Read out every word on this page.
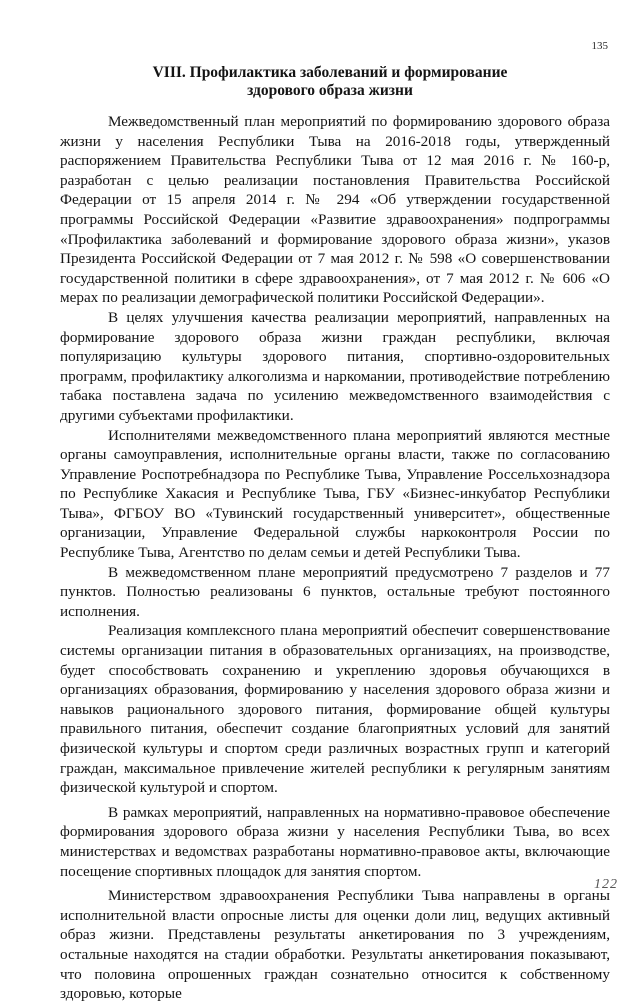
135
VIII. Профилактика заболеваний и формирование
здорового образа жизни

Межведомственный план мероприятий по формированию здорового образа жизни у населения Республики Тыва на 2016-2018 годы, утвержденный распоряжением Правительства Республики Тыва от 12 мая 2016 г. № 160-р, разработан с целью реализации постановления Правительства Российской Федерации от 15 апреля 2014 г. № 294 «Об утверждении государственной программы Российской Федерации «Развитие здравоохранения» подпрограммы «Профилактика заболеваний и формирование здорового образа жизни», указов Президента Российской Федерации от 7 мая 2012 г. № 598 «О совершенствовании государственной политики в сфере здравоохранения», от 7 мая 2012 г. № 606 «О мерах по реализации демографической политики Российской Федерации».

В целях улучшения качества реализации мероприятий, направленных на формирование здорового образа жизни граждан республики, включая популяризацию культуры здорового питания, спортивно-оздоровительных программ, профилактику алкоголизма и наркомании, противодействие потреблению табака поставлена задача по усилению межведомственного взаимодействия с другими субъектами профилактики.

Исполнителями межведомственного плана мероприятий являются местные органы самоуправления, исполнительные органы власти, также по согласованию Управление Роспотребнадзора по Республике Тыва, Управление Россельхознадзора по Республике Хакасия и Республике Тыва, ГБУ «Бизнес-инкубатор Республики Тыва», ФГБОУ ВО «Тувинский государственный университет», общественные организации, Управление Федеральной службы наркоконтроля России по Республике Тыва, Агентство по делам семьи и детей Республики Тыва.

В межведомственном плане мероприятий предусмотрено 7 разделов и 77 пунктов. Полностью реализованы 6 пунктов, остальные требуют постоянного исполнения.

Реализация комплексного плана мероприятий обеспечит совершенствование системы организации питания в образовательных организациях, на производстве, будет способствовать сохранению и укреплению здоровья обучающихся в организациях образования, формированию у населения здорового образа жизни и навыков рационального здорового питания, формирование общей культуры правильного питания, обеспечит создание благоприятных условий для занятий физической культуры и спортом среди различных возрастных групп и категорий граждан, максимальное привлечение жителей республики к регулярным занятиям физической культурой и спортом.

В рамках мероприятий, направленных на нормативно-правовое обеспечение формирования здорового образа жизни у населения Республики Тыва, во всех министерствах и ведомствах разработаны нормативно-правовое акты, включающие посещение спортивных площадок для занятия спортом.

Министерством здравоохранения Республики Тыва направлены в органы исполнительной власти опросные листы для оценки доли лиц, ведущих активный образ жизни. Представлены результаты анкетирования по 3 учреждениям, остальные находятся на стадии обработки. Результаты анкетирования показывают, что половина опрошенных граждан сознательно относится к собственному здоровью, которые

122
